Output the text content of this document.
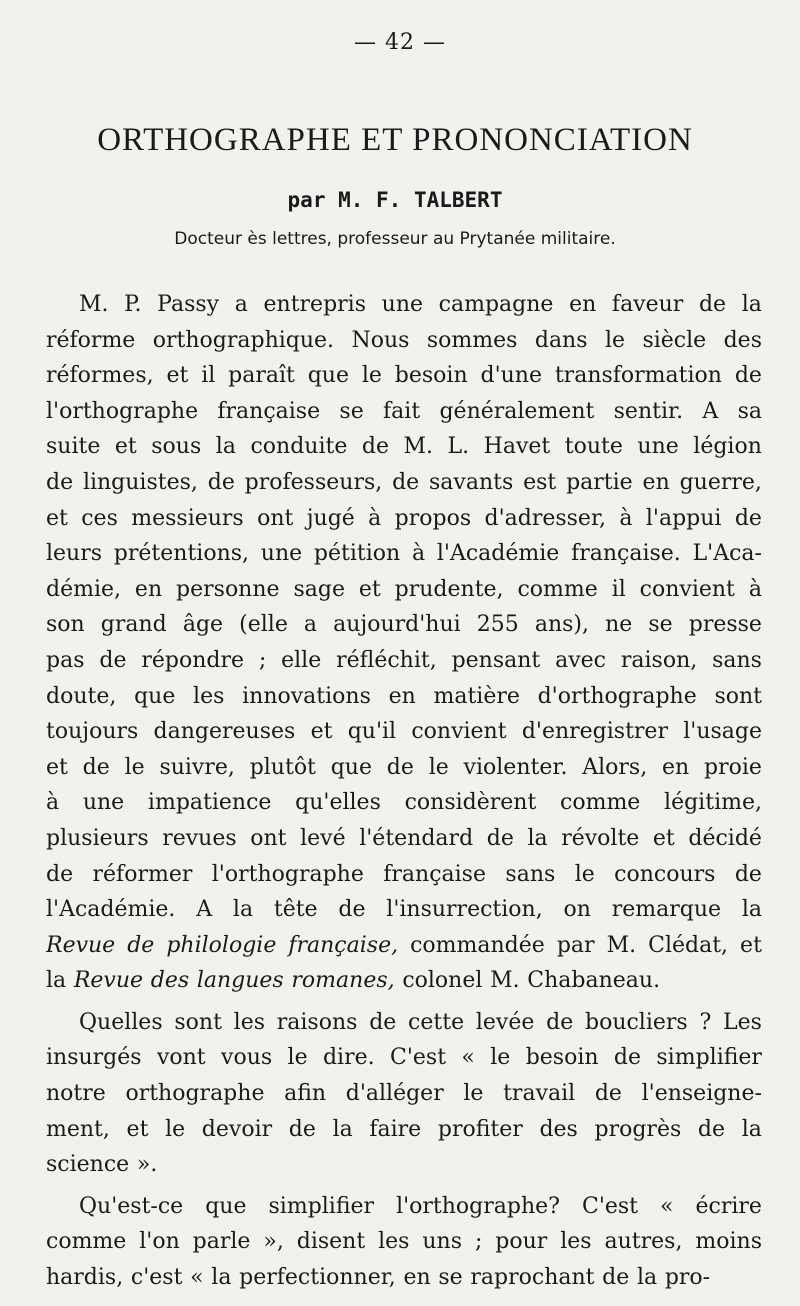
— 42 —
ORTHOGRAPHE ET PRONONCIATION
par M. F. TALBERT
Docteur ès lettres, professeur au Prytanée militaire.
M. P. Passy a entrepris une campagne en faveur de la
réforme orthographique. Nous sommes dans le siècle des
réformes, et il paraît que le besoin d'une transformation de
l'orthographe française se fait généralement sentir. A sa
suite et sous la conduite de M. L. Havet toute une légion
de linguistes, de professeurs, de savants est partie en guerre,
et ces messieurs ont jugé à propos d'adresser, à l'appui de
leurs prétentions, une pétition à l'Académie française. L'Aca-
démie, en personne sage et prudente, comme il convient à
son grand âge (elle a aujourd'hui 255 ans), ne se presse
pas de répondre ; elle réfléchit, pensant avec raison, sans
doute, que les innovations en matière d'orthographe sont
toujours dangereuses et qu'il convient d'enregistrer l'usage
et de le suivre, plutôt que de le violenter. Alors, en proie
à une impatience qu'elles considèrent comme légitime,
plusieurs revues ont levé l'étendard de la révolte et décidé
de réformer l'orthographe française sans le concours de
l'Académie. A la tête de l'insurrection, on remarque la
Revue de philologie française, commandée par M. Clédat, et
la Revue des langues romanes, colonel M. Chabaneau.
Quelles sont les raisons de cette levée de boucliers ? Les
insurgés vont vous le dire. C'est « le besoin de simplifier
notre orthographe afin d'alléger le travail de l'enseigne-
ment, et le devoir de la faire profiter des progrès de la
science ».
Qu'est-ce que simplifier l'orthographe? C'est « écrire
comme l'on parle », disent les uns ; pour les autres, moins
hardis, c'est « la perfectionner, en se raprochant de la pro-
